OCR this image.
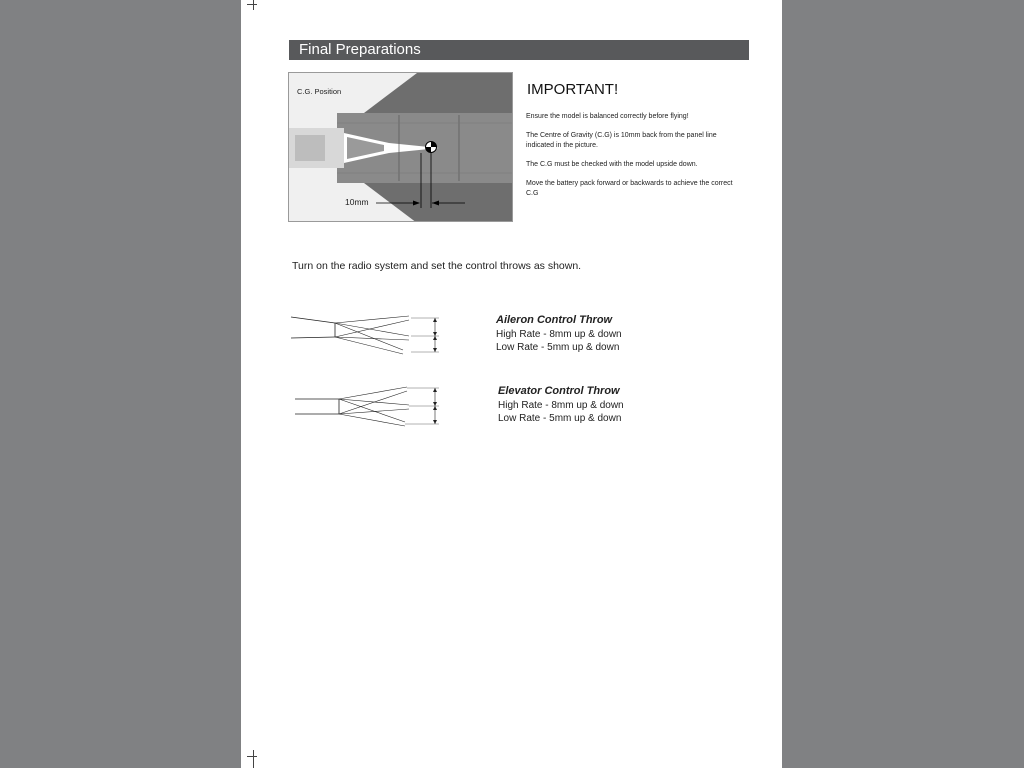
Final Preparations
C.G. Position
10mm
IMPORTANT!

Ensure the model is balanced correctly before flying!

The Centre of Gravity (C.G) is 10mm back from the panel line indicated in the picture.

The C.G must be checked with the model upside down.

Move the battery pack forward or backwards to achieve the correct C.G

Turn on the radio system and set the control throws as shown.
Aileron Control Throw
High Rate - 8mm up & down
Low Rate - 5mm up & down
Elevator Control Throw
High Rate - 8mm up & down
Low Rate - 5mm up & down
